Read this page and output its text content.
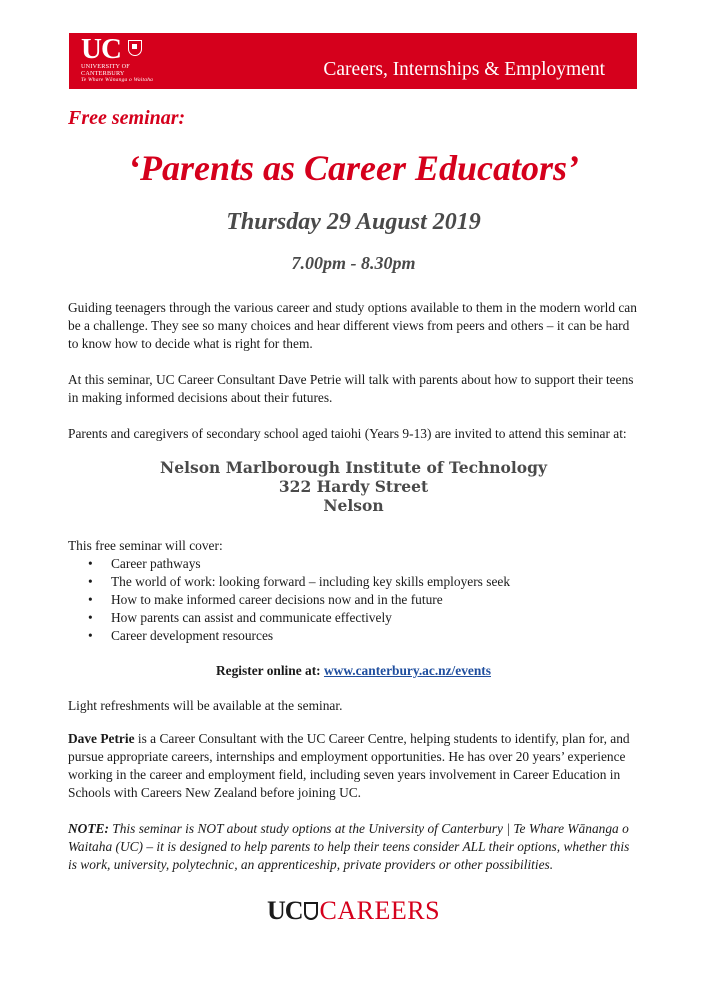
UC
UNIVERSITY OF
CANTERBURY
Te Whare Wānanga o Waitaha	Careers, Internships & Employment
Free seminar:
‘Parents as Career Educators’
Thursday 29 August 2019
7.00pm - 8.30pm

Guiding teenagers through the various career and study options available to them in the modern world can be a challenge. They see so many choices and hear different views from peers and others – it can be hard to know how to decide what is right for them.

At this seminar, UC Career Consultant Dave Petrie will talk with parents about how to support their teens in making informed decisions about their futures.

Parents and caregivers of secondary school aged taiohi (Years 9-13) are invited to attend this seminar at:

Nelson Marlborough Institute of Technology
322 Hardy Street
Nelson

This free seminar will cover:

• Career pathways
• The world of work: looking forward – including key skills employers seek
• How to make informed career decisions now and in the future
• How parents can assist and communicate effectively
• Career development resources
Register online at: www.canterbury.ac.nz/events

Light refreshments will be available at the seminar.

Dave Petrie is a Career Consultant with the UC Career Centre, helping students to identify, plan for, and pursue appropriate careers, internships and employment opportunities. He has over 20 years’ experience working in the career and employment field, including seven years involvement in Career Education in Schools with Careers New Zealand before joining UC.

NOTE: This seminar is NOT about study options at the University of Canterbury | Te Whare Wānanga o Waitaha (UC) – it is designed to help parents to help their teens consider ALL their options, whether this is work, university, polytechnic, an apprenticeship, private providers or other possibilities.

UC CAREERS
